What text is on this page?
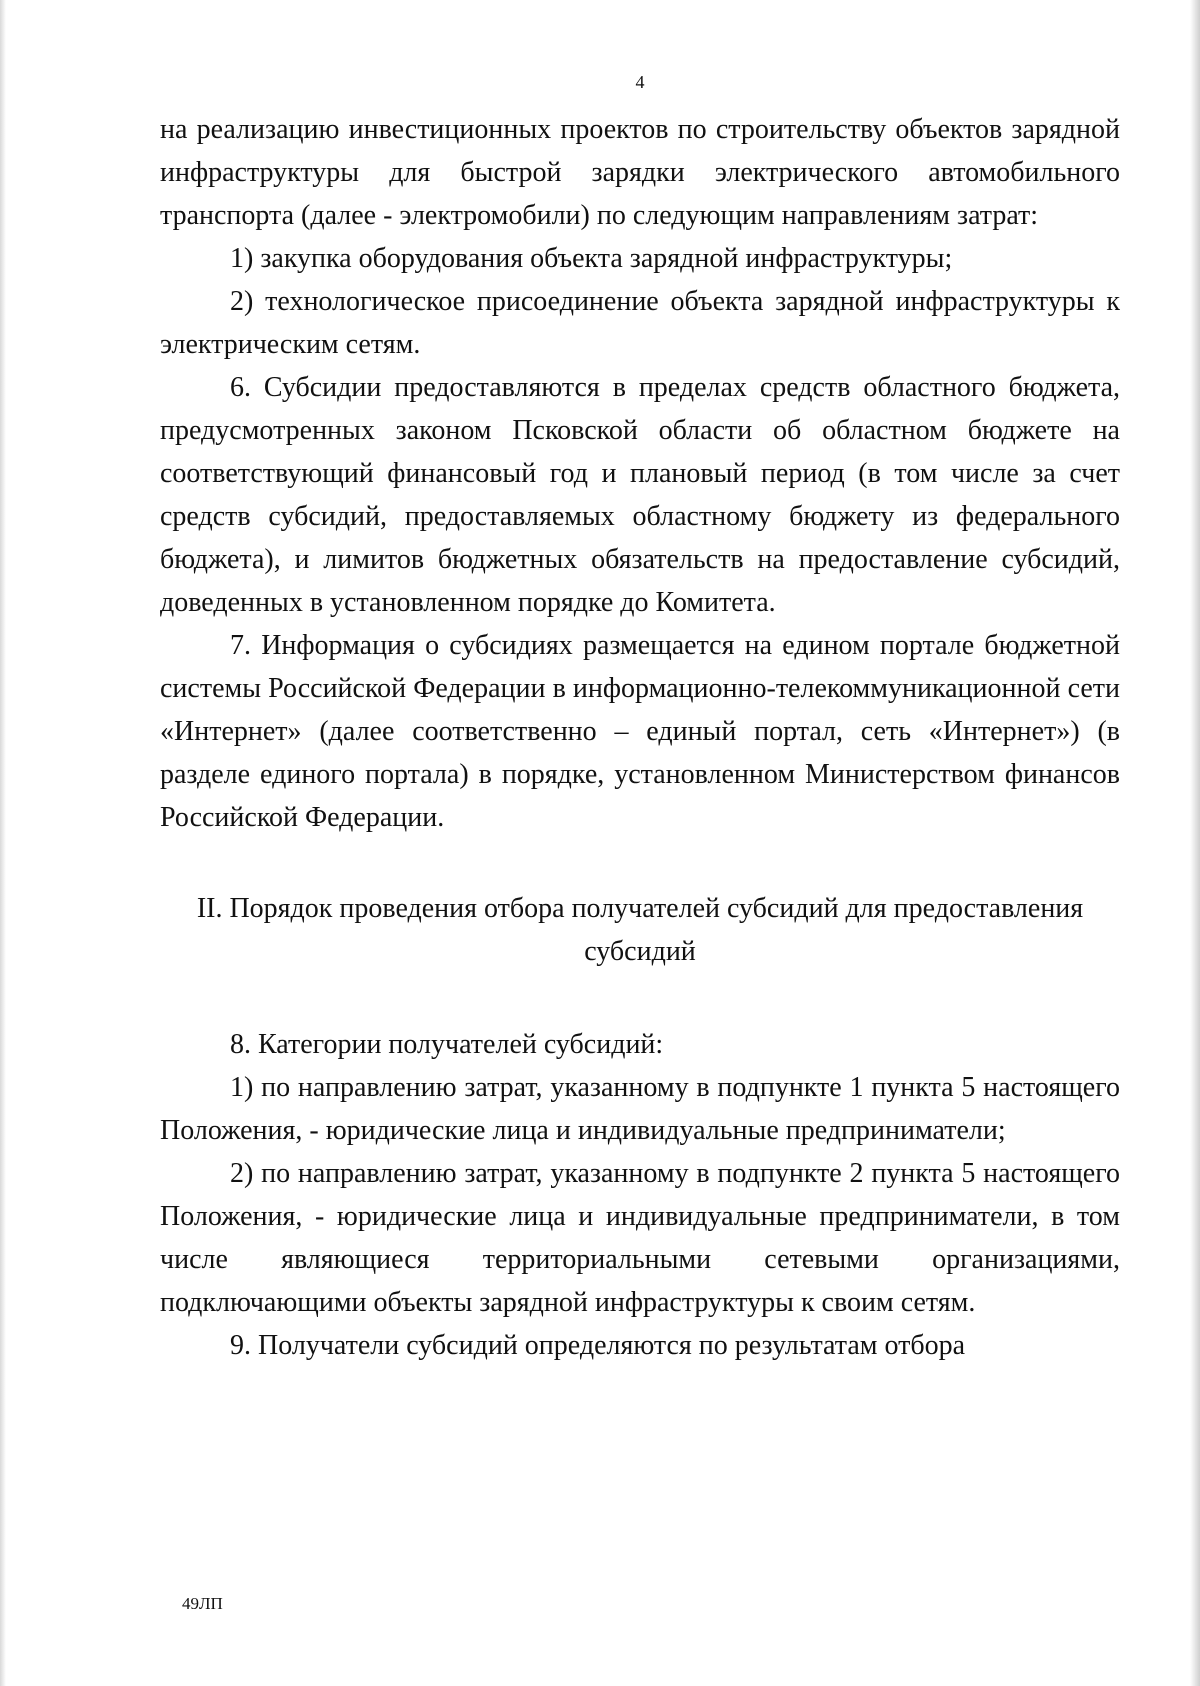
4

на реализацию инвестиционных проектов по строительству объектов зарядной инфраструктуры для быстрой зарядки электрического автомобильного транспорта (далее - электромобили) по следующим направлениям затрат:

1) закупка оборудования объекта зарядной инфраструктуры;

2) технологическое присоединение объекта зарядной инфраструктуры к электрическим сетям.

6. Субсидии предоставляются в пределах средств областного бюджета, предусмотренных законом Псковской области об областном бюджете на соответствующий финансовый год и плановый период (в том числе за счет средств субсидий, предоставляемых областному бюджету из федерального бюджета), и лимитов бюджетных обязательств на предоставление субсидий, доведенных в установленном порядке до Комитета.

7. Информация о субсидиях размещается на едином портале бюджетной системы Российской Федерации в информационно-телекоммуникационной сети «Интернет» (далее соответственно – единый портал, сеть «Интернет») (в разделе единого портала) в порядке, установленном Министерством финансов Российской Федерации.

II. Порядок проведения отбора получателей субсидий для предоставления субсидий

8. Категории получателей субсидий:

1) по направлению затрат, указанному в подпункте 1 пункта 5 настоящего Положения, - юридические лица и индивидуальные предприниматели;

2) по направлению затрат, указанному в подпункте 2 пункта 5 настоящего Положения, - юридические лица и индивидуальные предприниматели, в том числе являющиеся территориальными сетевыми организациями, подключающими объекты зарядной инфраструктуры к своим сетям.

9. Получатели субсидий определяются по результатам отбора

49ЛП
